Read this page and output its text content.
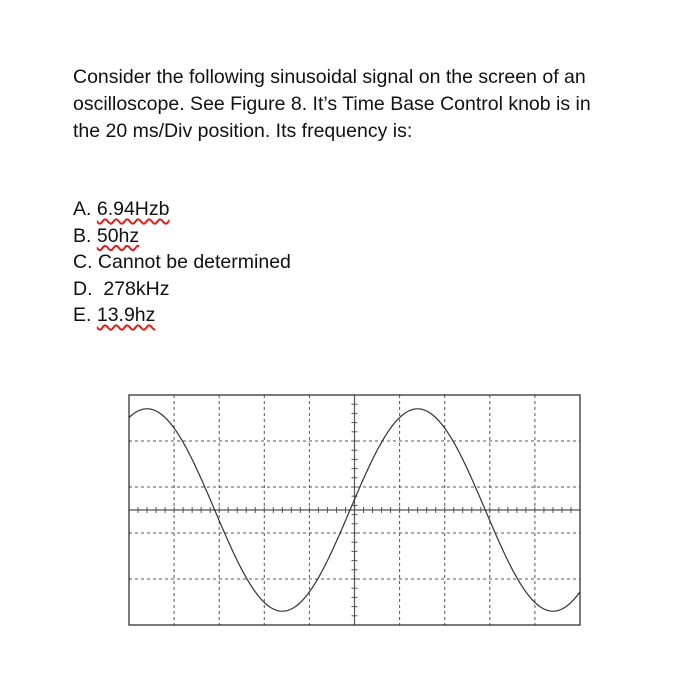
Consider the following sinusoidal signal on the screen of an
oscilloscope. See Figure 8. It’s Time Base Control knob is in
the 20 ms/Div position. Its frequency is:
A. 6.94Hzb
B. 50hz
C. Cannot be determined
D.  278kHz
E. 13.9hz
